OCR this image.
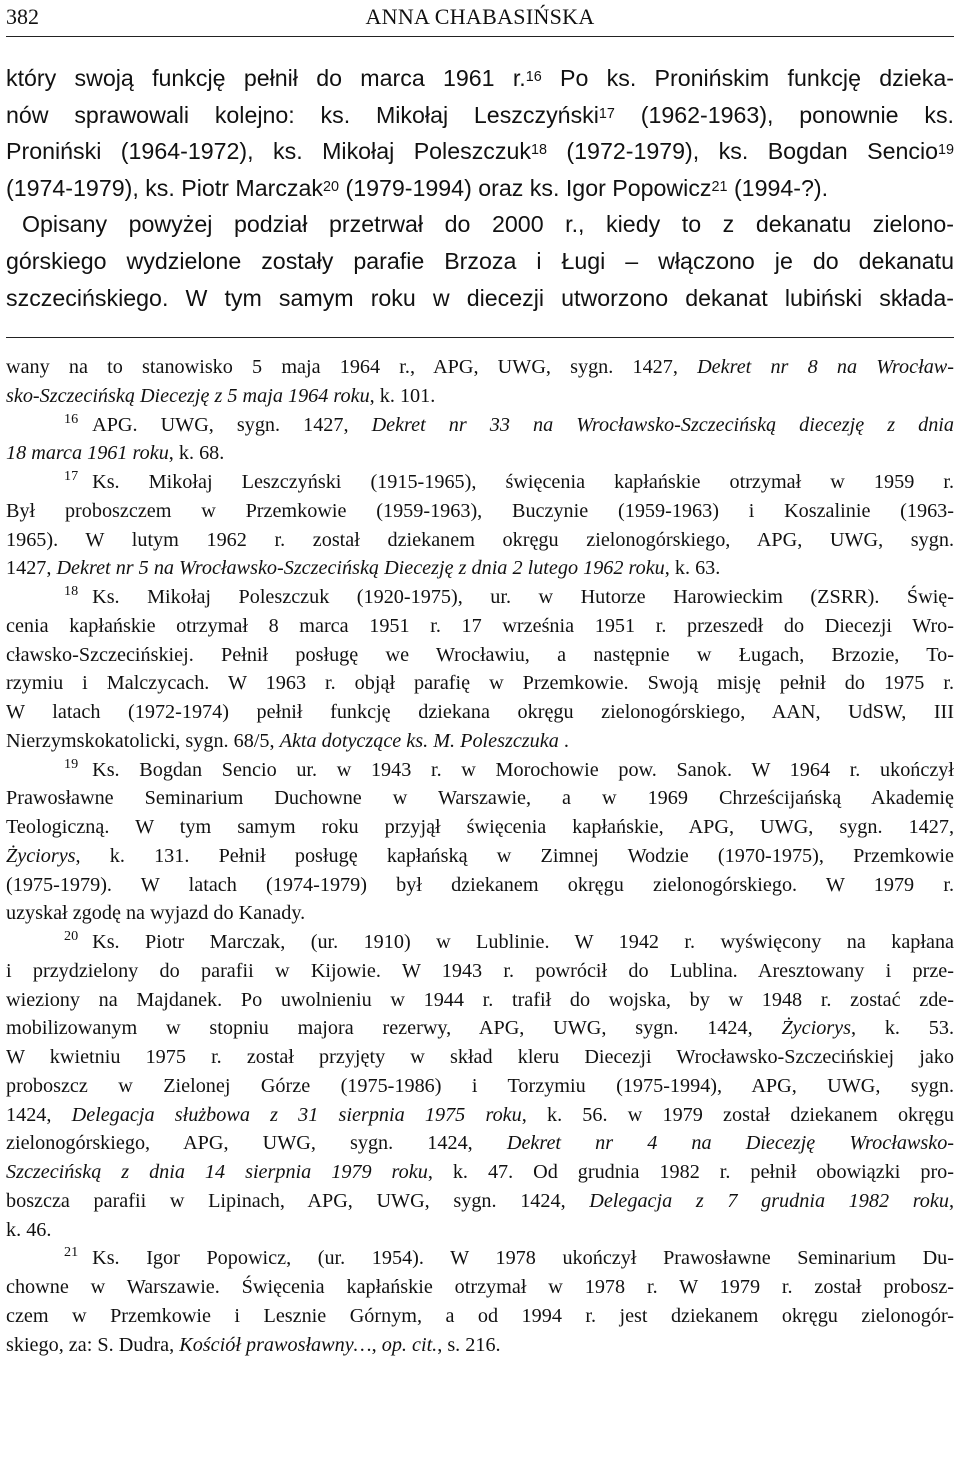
382	ANNA CHABASIŃSKA
który swoją funkcję pełnił do marca 1961 r.$^{16}$ Po ks. Pronińskim funkcję dzieka-
nów sprawowali kolejno: ks. Mikołaj Leszczyński$^{17}$ (1962-1963), ponownie ks.
Proniński (1964-1972), ks. Mikołaj Poleszczuk$^{18}$ (1972-1979), ks. Bogdan Sencio$^{19}$
(1974-1979), ks. Piotr Marczak$^{20}$ (1979-1994) oraz ks. Igor Popowicz$^{21}$ (1994-?).
Opisany powyżej podział przetrwał do 2000 r., kiedy to z dekanatu zielono-
górskiego wydzielone zostały parafie Brzoza i Ługi – włączono je do dekanatu
szczecińskiego. W tym samym roku w diecezji utworzono dekanat lubiński składa-
wany na to stanowisko 5 maja 1964 r., APG, UWG, sygn. 1427, Dekret nr 8 na Wrocław-
sko-Szczecińską Diecezję z 5 maja 1964 roku, k. 101.
$^{16}$ APG. UWG, sygn. 1427, Dekret nr 33 na Wrocławsko-Szczecińską diecezję z dnia
18 marca 1961 roku, k. 68.
$^{17}$ Ks. Mikołaj Leszczyński (1915-1965), święcenia kapłańskie otrzymał w 1959 r.
Był proboszczem w Przemkowie (1959-1963), Buczynie (1959-1963) i Koszalinie (1963-
1965). W lutym 1962 r. został dziekanem okręgu zielonogórskiego, APG, UWG, sygn.
1427, Dekret nr 5 na Wrocławsko-Szczecińską Diecezję z dnia 2 lutego 1962 roku, k. 63.
$^{18}$ Ks. Mikołaj Poleszczuk (1920-1975), ur. w Hutorze Harowieckim (ZSRR). Świę-
cenia kapłańskie otrzymał 8 marca 1951 r. 17 września 1951 r. przeszedł do Diecezji Wro-
cławsko-Szczecińskiej. Pełnił posługę we Wrocławiu, a następnie w Ługach, Brzozie, To-
rzymiu i Malczycach. W 1963 r. objął parafię w Przemkowie. Swoją misję pełnił do 1975 r.
W latach (1972-1974) pełnił funkcję dziekana okręgu zielonogórskiego, AAN, UdSW, III
Nierzymskokatolicki, sygn. 68/5, Akta dotyczące ks. M. Poleszczuka .
$^{19}$ Ks. Bogdan Sencio ur. w 1943 r. w Morochowie pow. Sanok. W 1964 r. ukończył
Prawosławne Seminarium Duchowne w Warszawie, a w 1969 Chrześcijańską Akademię
Teologiczną. W tym samym roku przyjął święcenia kapłańskie, APG, UWG, sygn. 1427,
Życiorys, k. 131. Pełnił posługę kapłańską w Zimnej Wodzie (1970-1975), Przemkowie
(1975-1979). W latach (1974-1979) był dziekanem okręgu zielonogórskiego. W 1979 r.
uzyskał zgodę na wyjazd do Kanady.
$^{20}$ Ks. Piotr Marczak, (ur. 1910) w Lublinie. W 1942 r. wyświęcony na kapłana
i przydzielony do parafii w Kijowie. W 1943 r. powrócił do Lublina. Aresztowany i prze-
wieziony na Majdanek. Po uwolnieniu w 1944 r. trafił do wojska, by w 1948 r. zostać zde-
mobilizowanym w stopniu majora rezerwy, APG, UWG, sygn. 1424, Życiorys, k. 53.
W kwietniu 1975 r. został przyjęty w skład kleru Diecezji Wrocławsko-Szczecińskiej jako
proboszcz w Zielonej Górze (1975-1986) i Torzymiu (1975-1994), APG, UWG, sygn.
1424, Delegacja służbowa z 31 sierpnia 1975 roku, k. 56. w 1979 został dziekanem okręgu
zielonogórskiego, APG, UWG, sygn. 1424, Dekret nr 4 na Diecezję Wrocławsko-
Szczecińską z dnia 14 sierpnia 1979 roku, k. 47. Od grudnia 1982 r. pełnił obowiązki pro-
boszcza parafii w Lipinach, APG, UWG, sygn. 1424, Delegacja z 7 grudnia 1982 roku,
k. 46.
$^{21}$ Ks. Igor Popowicz, (ur. 1954). W 1978 ukończył Prawosławne Seminarium Du-
chowne w Warszawie. Święcenia kapłańskie otrzymał w 1978 r. W 1979 r. został probosz-
czem w Przemkowie i Lesznie Górnym, a od 1994 r. jest dziekanem okręgu zielonogór-
skiego, za: S. Dudra, Kościół prawosławny…, op. cit., s. 216.
